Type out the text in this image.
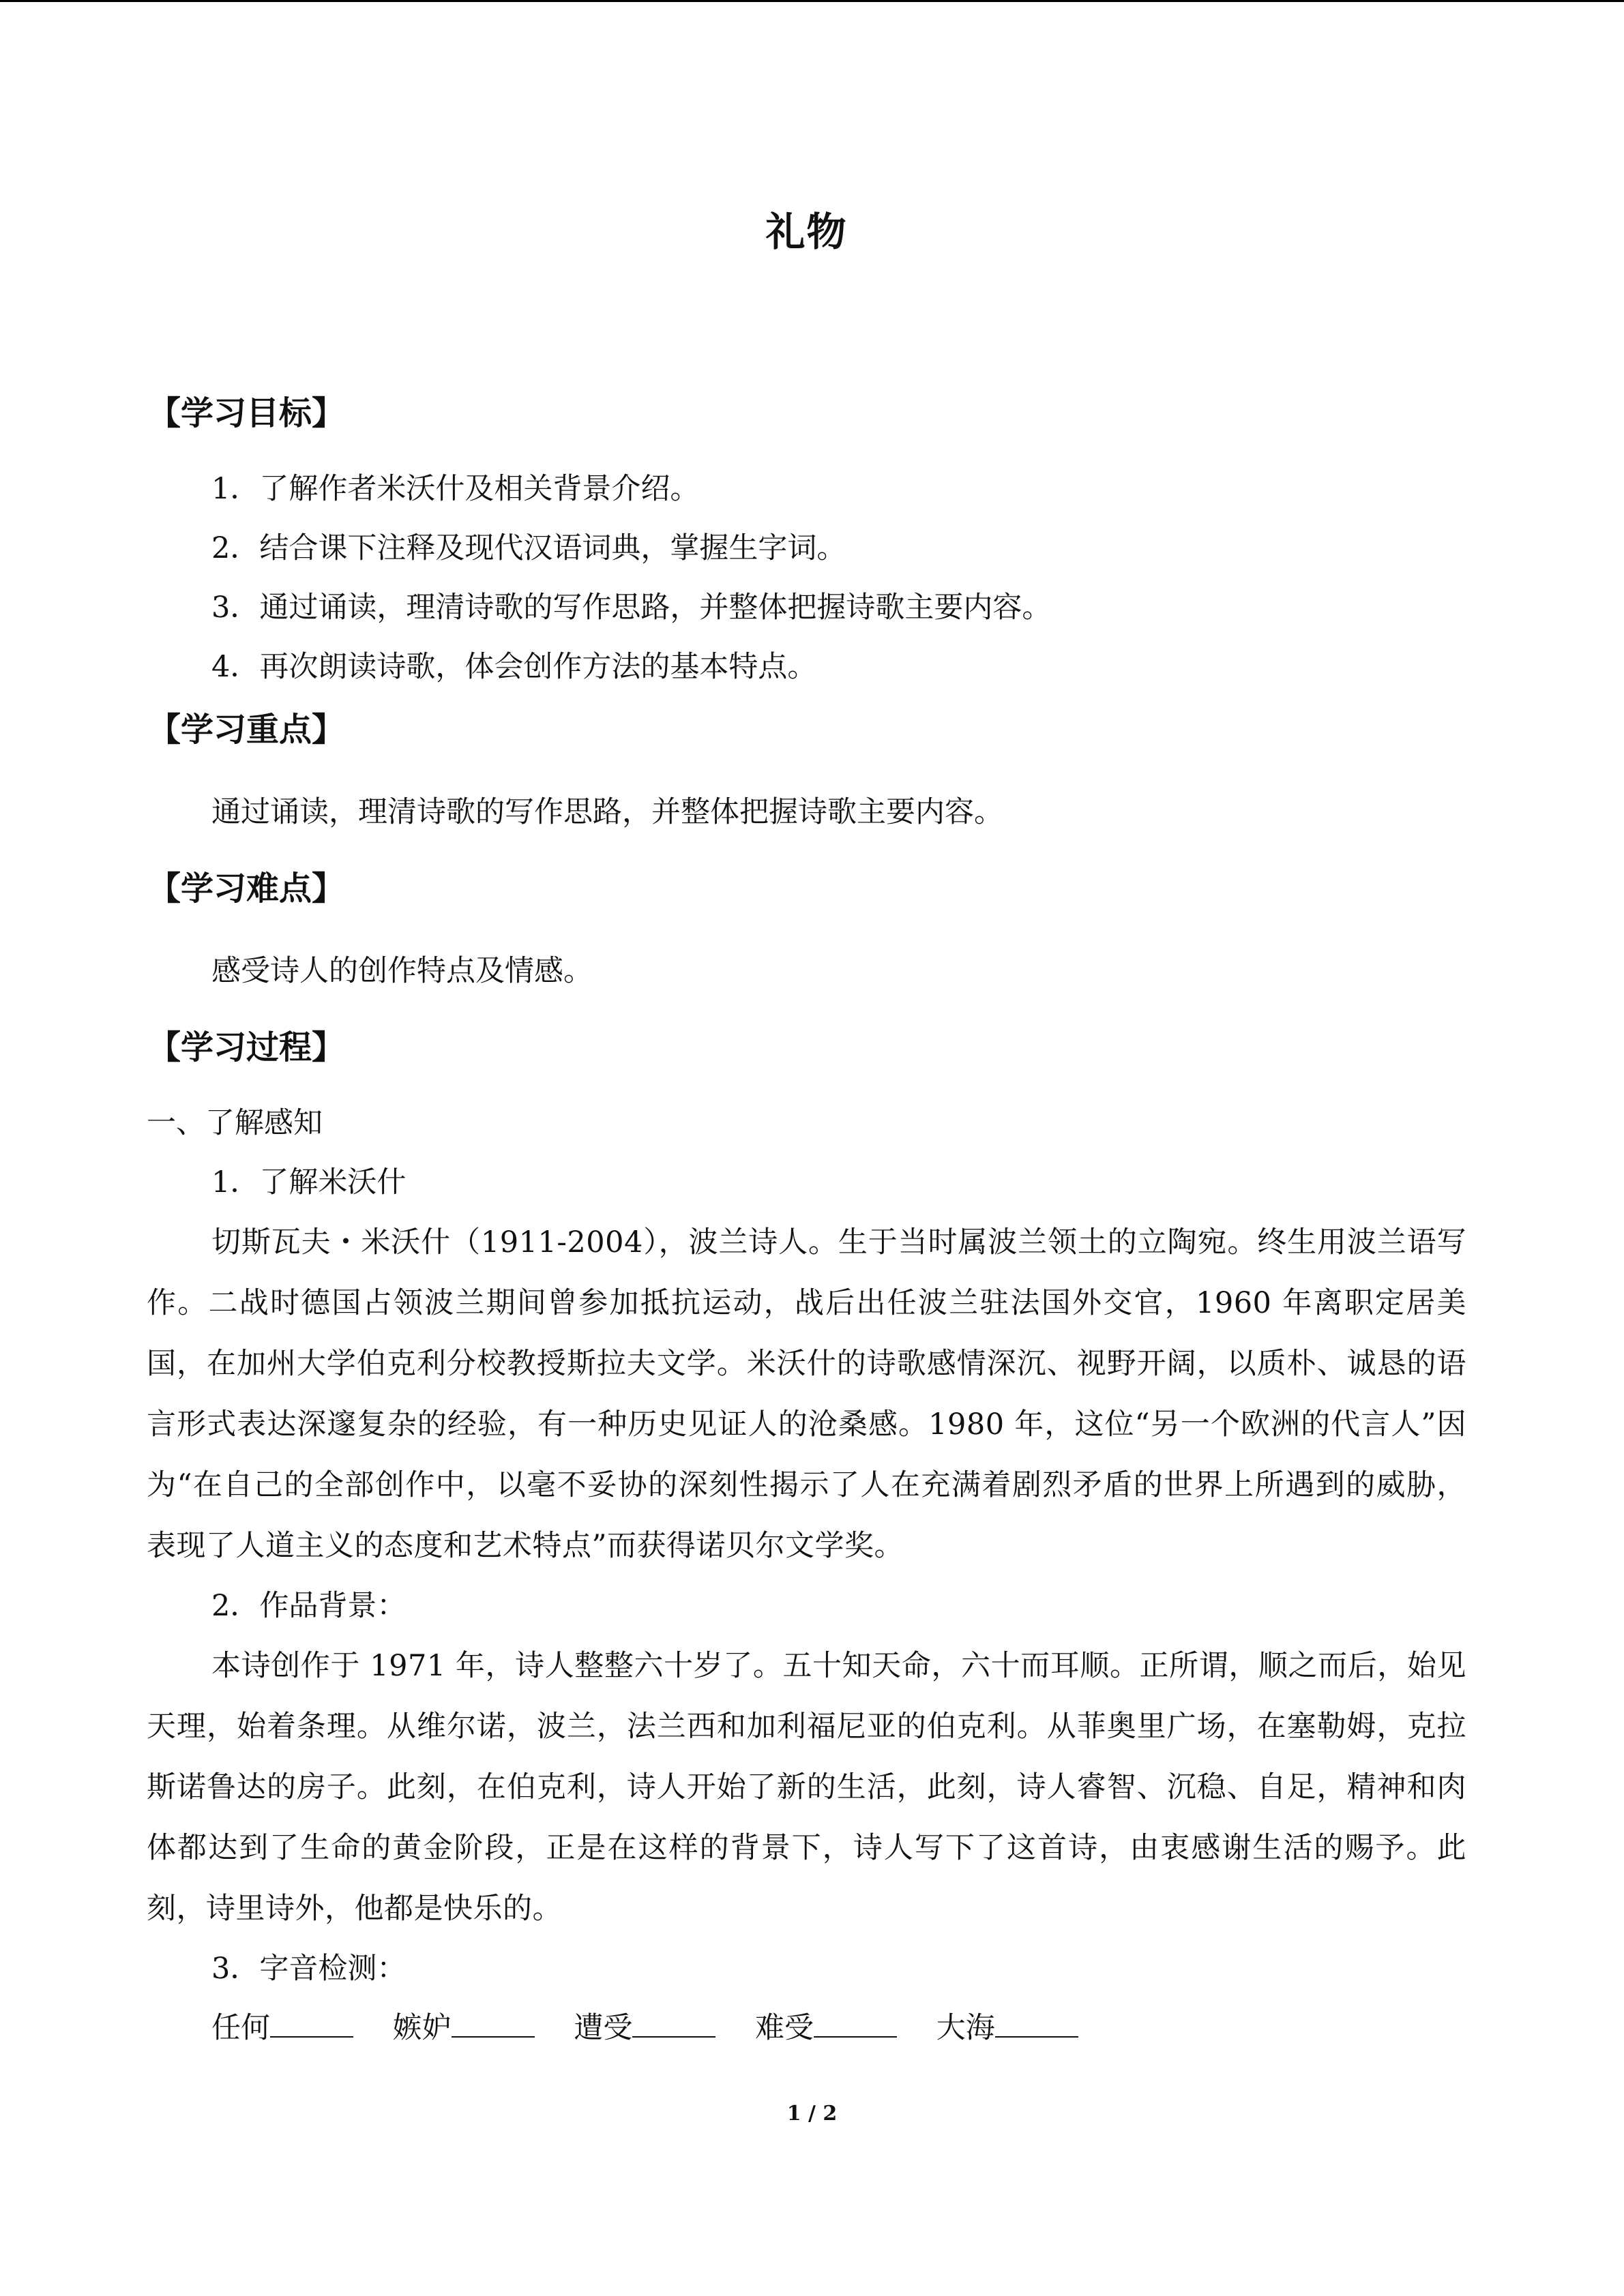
礼物
【学习目标】
1．了解作者米沃什及相关背景介绍。
2．结合课下注释及现代汉语词典，掌握生字词。
3．通过诵读，理清诗歌的写作思路，并整体把握诗歌主要内容。
4．再次朗读诗歌，体会创作方法的基本特点。
【学习重点】
通过诵读，理清诗歌的写作思路，并整体把握诗歌主要内容。
【学习难点】
感受诗人的创作特点及情感。
【学习过程】
一、了解感知
1．了解米沃什

切斯瓦夫・米沃什（1911-2004），波兰诗人。生于当时属波兰领土的立陶宛。终生用波兰语写作。二战时德国占领波兰期间曾参加抵抗运动，战后出任波兰驻法国外交官，1960 年离职定居美国，在加州大学伯克利分校教授斯拉夫文学。米沃什的诗歌感情深沉、视野开阔，以质朴、诚恳的语言形式表达深邃复杂的经验，有一种历史见证人的沧桑感。1980 年，这位“另一个欧洲的代言人”因为“在自己的全部创作中，以毫不妥协的深刻性揭示了人在充满着剧烈矛盾的世界上所遇到的威胁，表现了人道主义的态度和艺术特点”而获得诺贝尔文学奖。

2．作品背景：

本诗创作于 1971 年，诗人整整六十岁了。五十知天命，六十而耳顺。正所谓，顺之而后，始见天理，始着条理。从维尔诺，波兰，法兰西和加利福尼亚的伯克利。从菲奥里广场，在塞勒姆，克拉斯诺鲁达的房子。此刻，在伯克利，诗人开始了新的生活，此刻，诗人睿智、沉稳、自足，精神和肉体都达到了生命的黄金阶段，正是在这样的背景下，诗人写下了这首诗，由衷感谢生活的赐予。此刻，诗里诗外，他都是快乐的。

3．字音检测：
任何	嫉妒	遭受	难受	大海
1 / 2
